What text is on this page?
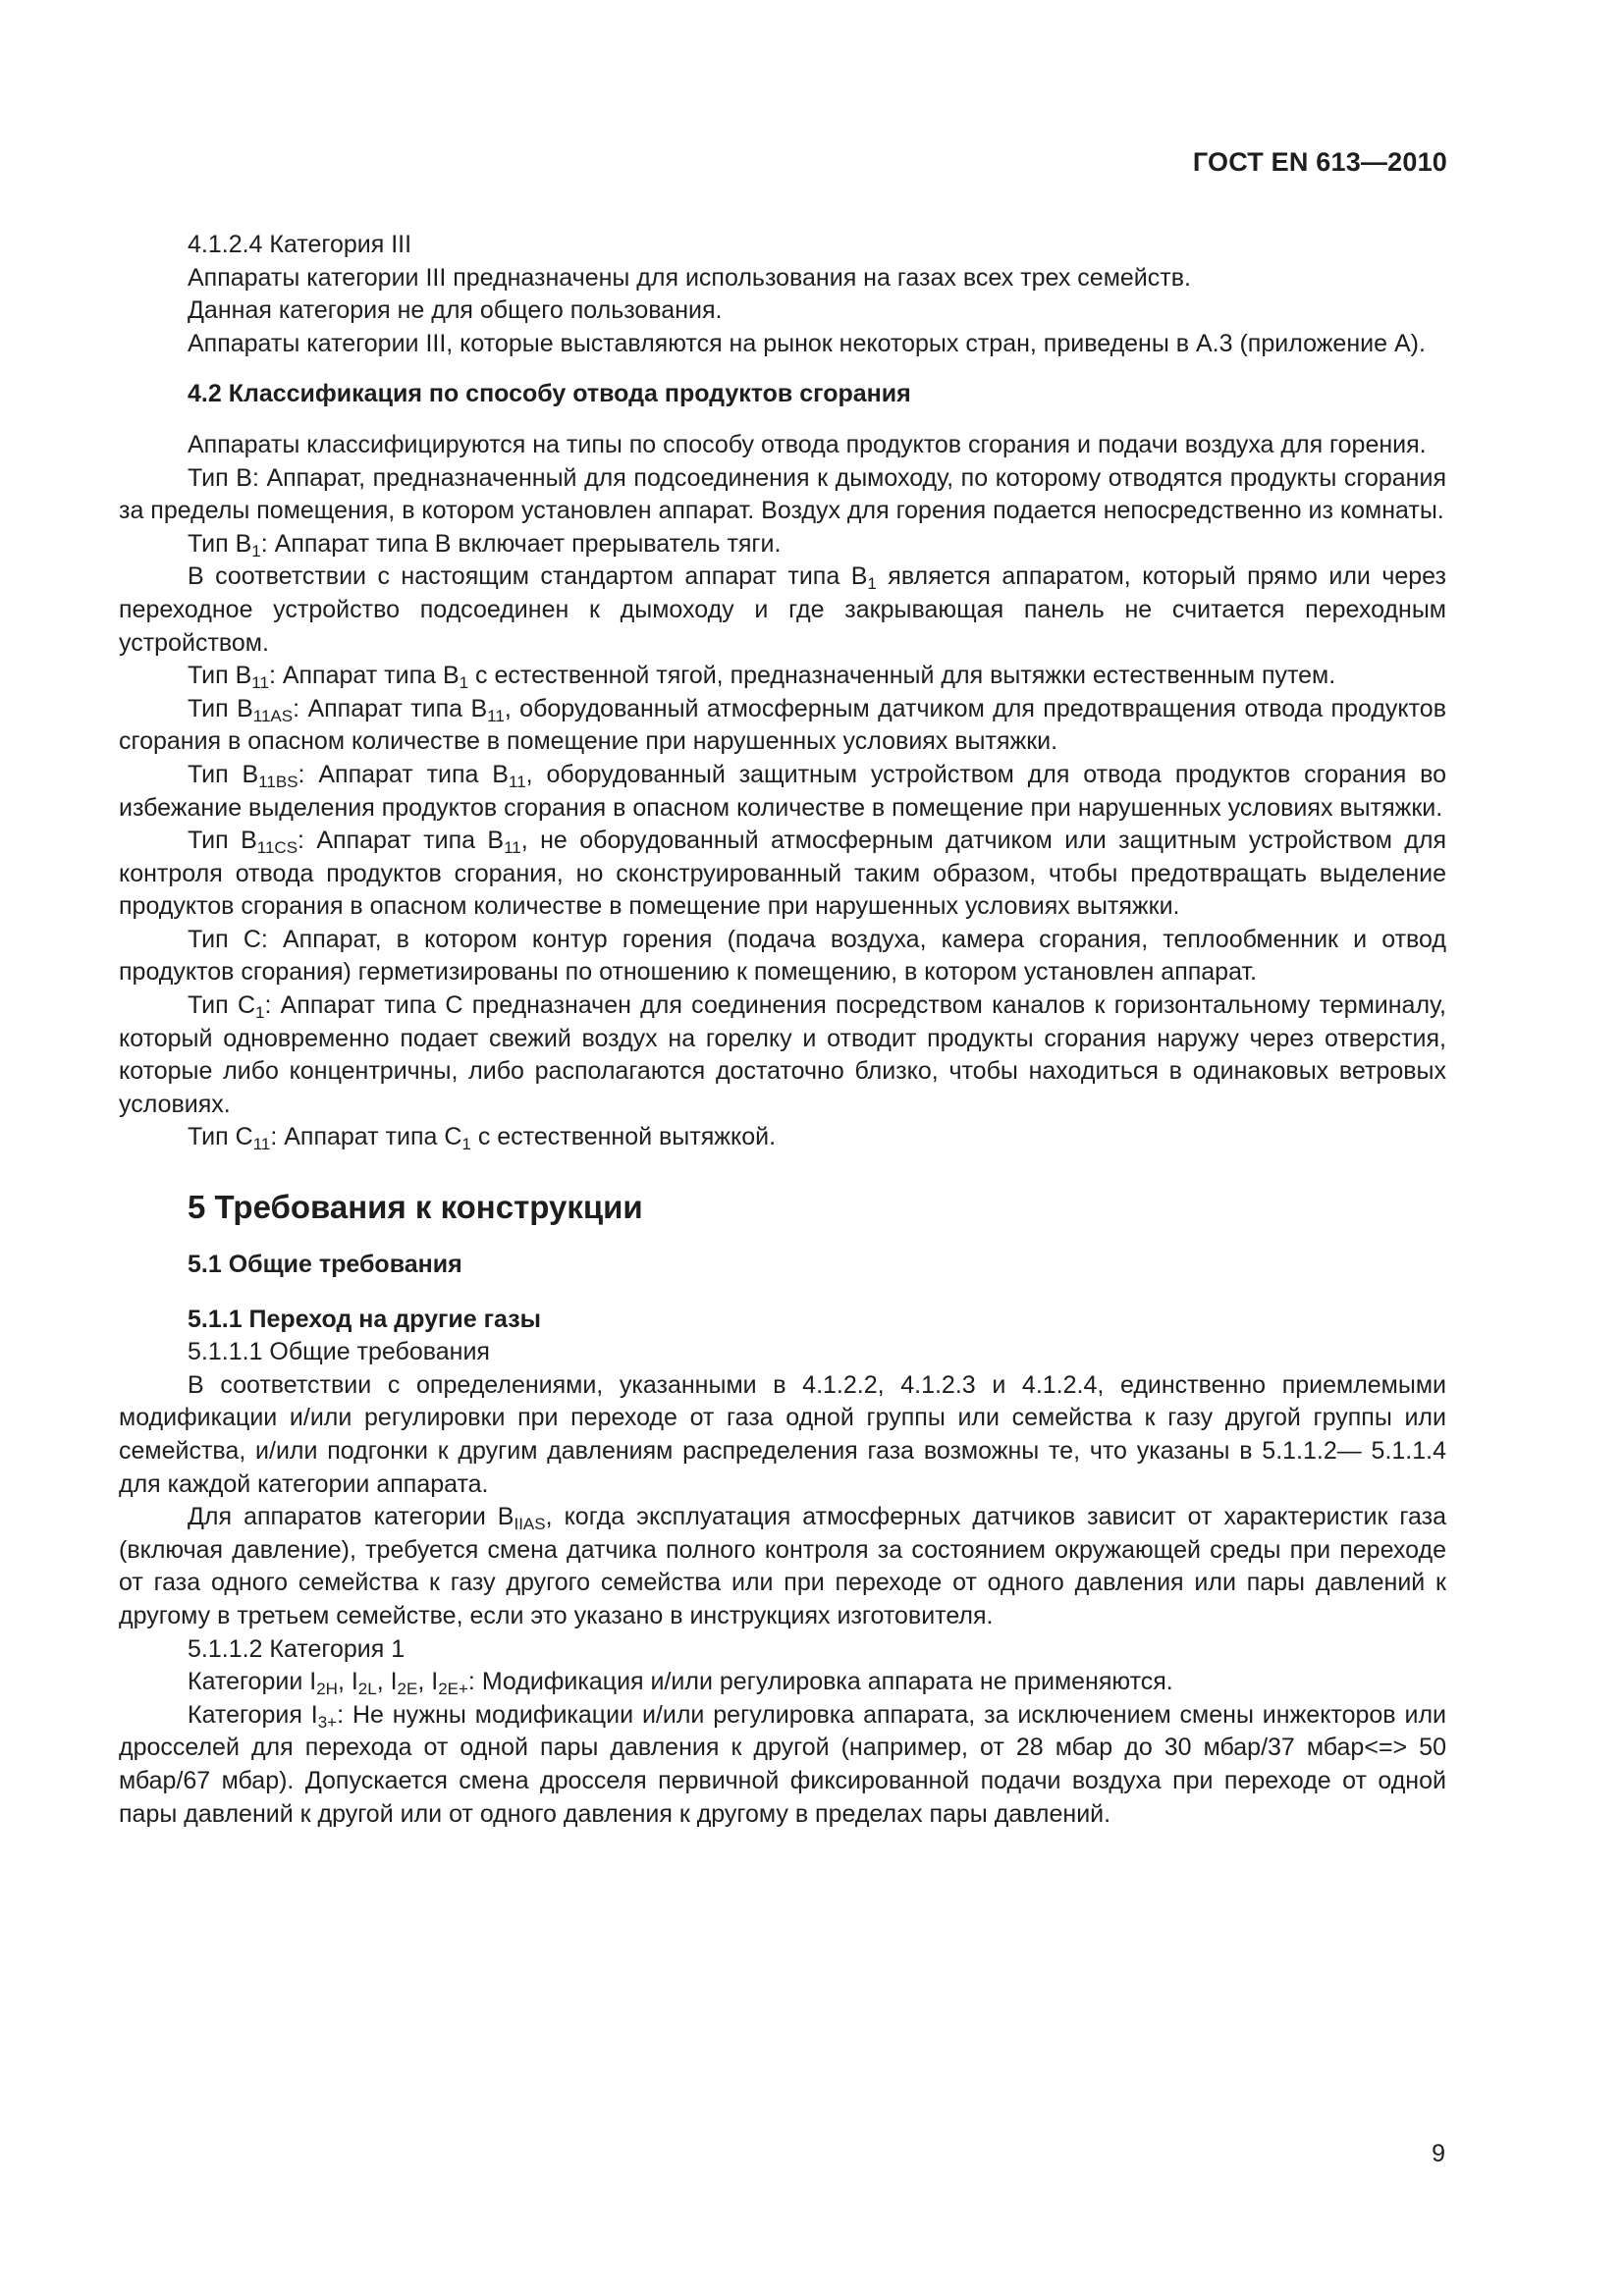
ГОСТ EN 613—2010

4.1.2.4 Категория III

Аппараты категории III предназначены для использования на газах всех трех семейств.

Данная категория не для общего пользования.

Аппараты категории III, которые выставляются на рынок некоторых стран, приведены в А.3 (приложение А).

4.2 Классификация по способу отвода продуктов сгорания

Аппараты классифицируются на типы по способу отвода продуктов сгорания и подачи воздуха для горения.

Тип В: Аппарат, предназначенный для подсоединения к дымоходу, по которому отводятся продукты сгорания за пределы помещения, в котором установлен аппарат. Воздух для горения подается непосредственно из комнаты.

Тип $В_1$: Аппарат типа В включает прерыватель тяги.

В соответствии с настоящим стандартом аппарат типа $В_1$ является аппаратом, который прямо или через переходное устройство подсоединен к дымоходу и где закрывающая панель не считается переходным устройством.

Тип $В_{11}$: Аппарат типа $В_1$ с естественной тягой, предназначенный для вытяжки естественным путем.

Тип $В_{11AS}$: Аппарат типа $В_{11}$, оборудованный атмосферным датчиком для предотвращения отвода продуктов сгорания в опасном количестве в помещение при нарушенных условиях вытяжки.

Тип $В_{11BS}$: Аппарат типа $В_{11}$, оборудованный защитным устройством для отвода продуктов сгорания во избежание выделения продуктов сгорания в опасном количестве в помещение при нарушенных условиях вытяжки.

Тип $В_{11CS}$: Аппарат типа $В_{11}$, не оборудованный атмосферным датчиком или защитным устройством для контроля отвода продуктов сгорания, но сконструированный таким образом, чтобы предотвращать выделение продуктов сгорания в опасном количестве в помещение при нарушенных условиях вытяжки.

Тип С: Аппарат, в котором контур горения (подача воздуха, камера сгорания, теплообменник и отвод продуктов сгорания) герметизированы по отношению к помещению, в котором установлен аппарат.

Тип $С_1$: Аппарат типа С предназначен для соединения посредством каналов к горизонтальному терминалу, который одновременно подает свежий воздух на горелку и отводит продукты сгорания наружу через отверстия, которые либо концентричны, либо располагаются достаточно близко, чтобы находиться в одинаковых ветровых условиях.

Тип $С_{11}$: Аппарат типа $С_1$ с естественной вытяжкой.

5 Требования к конструкции

5.1 Общие требования

5.1.1 Переход на другие газы

5.1.1.1 Общие требования

В соответствии с определениями, указанными в 4.1.2.2, 4.1.2.3 и 4.1.2.4, единственно приемлемыми модификации и/или регулировки при переходе от газа одной группы или семейства к газу другой группы или семейства, и/или подгонки к другим давлениям распределения газа возможны те, что указаны в 5.1.1.2— 5.1.1.4 для каждой категории аппарата.

Для аппаратов категории $В_{IIAS}$, когда эксплуатация атмосферных датчиков зависит от характеристик газа (включая давление), требуется смена датчика полного контроля за состоянием окружающей среды при переходе от газа одного семейства к газу другого семейства или при переходе от одного давления или пары давлений к другому в третьем семействе, если это указано в инструкциях изготовителя.

5.1.1.2 Категория 1

Категории $I_{2H}$, $I_{2L}$, $I_{2E}$, $I_{2E+}$: Модификация и/или регулировка аппарата не применяются.

Категория $I_{3+}$: Не нужны модификации и/или регулировка аппарата, за исключением смены инжекторов или дросселей для перехода от одной пары давления к другой (например, от 28 мбар до 30 мбар/37 мбар<=> 50 мбар/67 мбар). Допускается смена дросселя первичной фиксированной подачи воздуха при переходе от одной пары давлений к другой или от одного давления к другому в пределах пары давлений.

9
